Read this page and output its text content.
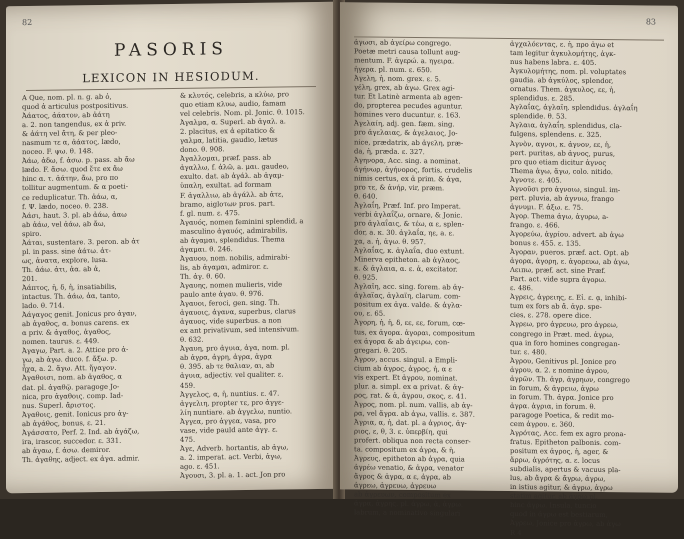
82
PASORIS
LEXICON IN HESIODUM.
A Que, nom. pl. n. g. ab ὁ,
quod ἀ articulus postpositivus.
Ἀάατος, ἀάατον, ab ἀάτη
a. 2. non tangendus, ex ἀ priv.
& ἀάτη vel ἄτη, & per pleo-
nasmum τε α, ἀάατος, lædo,
noceo. F. ψω. θ. 148.
Ἀάω, ἀδω, f. ἀσω. p. pass. ab ἄω
lædo. F. ἄσω. quod ἔτε ex ἄω
hinc α. τ. ἀάτην, ἄω, pro πο
tollitur augmentum. & α poeti-
ce reduplicatur. Th. ἀάω, α,
f. Ψ. lædo, noceo. θ. 238.
Ἀάσι, haut. 3. pl. ab ἀάω, ἀαω
ab ἀάω, vel ἀάω, ab ἄω,
spiro.
Ἀάται, sustentare. 3. peron. ab ἀτ
pl. in pass. sine ἀάτω. ἀτ-
ως, ἀνατα, explore, lusa.
Th. ἀάω. ἀτι, ἀα. ab ἀ,
201.
Ἀάπτος, ἡ, δ, ἡ, insatiabilis,
intactus. Th. ἀάω, ἀα, tanto,
lado. θ. 714.
Ἀάγαγος genit. Jonicus pro ἀγαν,
ab ἀγαθος, α. bonus carens. ex
α priv. & ἀγαθος, ἀγαθος,
nomen. taurus. ε. 449.
Ἀγαγω, Part. a. 2. Attice pro ἀ-
γω, ab ἀγω. duco. f. ἄξω. p.
ἦχα, a. 2. ἄγω. Att. ἤγαγον.
Ἀγαθοισι, nom. ab ἀγαθος, α
dat. pl. ἀγαθῷ. paragoge Jo-
nica, pro ἀγαθοις. comp. Iad-
nus. Superl. ἄριστος.
Ἀγαθοις, genit. Ionicus pro ἀγ-
ab ἀγάθος, bonus, ε. 21.
Ἀγάσσατο, Perf. 2. Ind. ab ἀγάζω,
ira, irascor, succedor. ε. 331.
ab ἀγαω, f. ἀσω. demiror.
Th. ἀγαθης, adject. ex ἀγα. admir.
& κλυτός, celebris, a κλύω, pro
quo etiam κλυω, audio, famam
vel celebris. Nom. pl. Jonic. θ. 1015.
Ἀγαλμα, α. Superl. ab ἀγαλ. a.
2. placitus, ex ἀ epitatico &
γαλμα, latitia, gaudio, lætus
dono. θ. 908.
Ἀγαλλομαι, præf. pass. ab
ἀγαλλω, f. ἀλῶ, a. μαι. gaudeo,
exulto. dat. ab ἀγάλ. ab ἀγαμ-
ὑπαλη, exultat. ad formam
F. ἀγαλλιω, ab ἀγάλλ. ab ἀτε,
bramo, aigloτων pros. part.
f. gl. num. ε. 475.
Ἀγαυός, nomen feminini splendid, a
masculino ἀγαυός, admirabilis,
ab ἀγαμαι, splendidus. Thema
ἀγαμαι. θ. 246.
Ἀγαυου, nom. nobilis, admirabi-
lis, ab ἀγαμαι, admiror. ε.
Th. ἀγ. θ. 60.
Ἀγαυης, nomen mulieris, vide
paulo ante ἀγαυ. θ. 976.
Ἀγαυοι, feroci, gen. sing. Th.
ἀγαυοις, ἀγανα, superbus, clarus
ἀγαυος, vide superbus. a non
ex ant privativum, sed intensivum.
θ. 632.
Ἀγαυη, pro ἀγυια, ἀγα, nom. pl.
ab ἀγρα, ἀγρη, ἀγρα, ἀγρα
θ. 395. ab τε θαλιαν, αι, ab
ἀγυια, adjectiv. vel qualiter. ε.
459.
Ἀγγελος, α, ἡ, nuntius. ε. 47.
ἀγγελιη, propter τε, pro ἀγγε-
λίη nuntiare. ab ἀγγελω, nuntio.
Ἀγγεα, pro ἀγγεα, vasa, pro
vase, vide pauld ante ἀγγ. ε.
475.
Ἀγε, Adverb. hortantis, ab ἀγω,
a. 2. imperat. act. Verbi, ἀγω,
ago. ε. 451.
Ἀγουσι, 3. pl. a. 1. act. Jon pro
83
ἀγωσι, ab ἀγείρω congrego.
Poetæ metri causa tollunt aug-
mentum. F. ἀγερώ. a. ηγειρα.
ἠγερα. pl. num. ε. 650.
Ἀγελη, ἡ, nom. grex. ε. 5.
γέλη, grex, ab ἀγω. Grex agi-
tur. Et Latinè armenta ab agen-
do, propterea pecudes aguntur.
homines vero ducuntur. ε. 163.
Ἀγελαίη, adj. gen. fæm. sing.
pro ἀγελαιας, & ἀγελαιος, Jo-
nice, prædatrix, ab ἀγελη, præ-
da, ἡ, præda. ε. 327.
Ἀγηνορα, Acc. sing. a nominat.
ἀγήνωρ, ἀγήνορος, fortis, crudelis
nimis certus, ex ἀ prim. & ἀγα,
pro τε, & ἀνήρ, vir, præm.
θ. 640.
Ἀγλαΐη, Præf. Inf. pro Imperat.
verbi ἀγλαΐζω, ornare, & Jonic.
pro ἀγλαΐαις, & τέω, α ε, splen-
dor, a. κ. 30. ἀγλαΐα, ηε, a. ε.
χα, a. ἡ, ἀγω. θ. 957.
Ἀγλαΐας, κ. ἀγλαΐα, duo extunt.
Minerva epitheton. ab ἀγλαος,
κ. & ἀγλαια, α. ε. ἀ, excitator.
θ. 925.
Ἀγλαϊη, acc. sing. forem. ab ἀγ-
ἀγλαϊας, ἀγλαϊη, clarum. com-
positum ex ἀγα. valde. & ἀγλα-
ου, ε. 65.
Ἀγορη, ἡ, ἡ, δ, εε, εε, forum, cœ-
tus, ex ἀγορα. ἀγοραι, compositum
ex ἀγορα & ab ἀγειρω, con-
gregari. θ. 205.
Ἀγρον, accus. singul. a Empli-
cium ab ἀγρος, ἀγρος, ἡ, α ε
vis expert. Et ἀγρου, nominat.
plur. a. simpl. ex α privat. & ἀγ-
ρος, rat. & ἀ, ἀγρου, σκος, ε. 41.
Ἀγρος, nom. pl. num. vallis, ab ἀγ-
ρα, vel ἄγρα. ab ἀγω, vallis. ε. 387.
Ἀγρια, α, ἡ, dat. pl. a ἀγριος, ἀγ-
ριος, ε, θ, 3. ε. ὑπερβίη, qui
profert. obliqua non recta conser-
ta. compositum ex ἀγρα, & ἡ,
Ἀγρευς, epitheton ab ἀγρα, quia
ἀγρέω venatio, & ἀγρα, venator
ἄγρος & ἀγρα, α ε, ἀγρα, ab
ἀγρεω, ἀγρευω, ἀγρευω
ab ἀγρευων, compositum ex
ἀγρα, ἀγρης. pl. ἀγρω, ἀ, ἀγρω.
labrum, a nominativo singulari
ἀγχαλόεντας, ε. ἡ, προ ἀγω et
tam legitur ἀγκυλομήτης, ἀγκ-
nus habens labra. ε. 405.
Ἀγκυλομήτης, nom. pl. voluptates
gaudia. ab ἀγκύλος, splendor,
ornatus. Them. ἀγκυλος, εε, ἡ,
splendidus. ε. 285.
Ἀγλαΐας, ἀγλαϊη. splendidus. ἀγλαΐη
splendide. θ. 53.
Ἀγλαια, ἀγλαΐη. splendidus, cla-
fulgens, splendens. ε. 325.
Ἀγνὸν, αγνοι, κ. ἀγνον, εε, ἡ,
pert. puritas, ab ἀγνος, purus,
pro quo etiam dicitur ἀγνος
Thema ἀγω, ἄγω, colo. nitido.
Ἀγνοτε. ε. 405.
Ἀγνοῦσι pro ἀγνοιω, singul. im-
pert. pluvia, ab ἀγνυω, frango
ἀγνυμι. F. ἀξω. ε. 75.
Ἀγορ. Thema ἀγω, ἀγυρω, a-
frango. ε. 466.
Ἀγορεύω, ἀγρίου. advert. ab ἀγω
bonus ε. 455. ε. 135.
Ἀγοραν, pueros. præf. act. Opt. ab
ἀγορα, ἀγορη, ε. ἀγορευω, ab ἀγω,
Λειπω, præf. act. sine Præf.
Part. act. vide supra ἀγορω.
ε. 486.
Ἀγρεις, ἀγρειης, ε. Εἰ. ε. ᾳ, inhibi-
tum ex fors ab ἄ. ἀγρ. spe-
cies, ε. 278. opere dice.
Ἀγρεω, pro ἀγρευω, pro ἀγρεω,
congrego in Præt. med. ἀγρω,
qua in foro homines congregan-
tur. ε. 480.
Ἀγρου, Genitivus pl. Jonice pro
ἀγρου, α. 2. ε nomine ἀγρου,
ἀγρῶν. Th. ἀγρ, ἀγρηων, congrego
in forum, & ἀγρειω, ἀγρω
in forum. Th. ἀγρα. Jonice pro
ἀγρα. ἀγρια, in forum. θ.
paragoge Poetica, & redit mo-
cem ἀγρου. ε. 360.
Ἀγρότας, Acc. fem ex agro prona-
fratus. Epitheton palbonis. com-
positum ex ἀγρος, ἡ, ager, &
ἄρρω, ἀγρότης, α. ε. locus
subdialis, apertus & vacuus pla-
lus, ab ἄγρα & ἄγρω, ἀγρω,
in istius agitur, & ἀγρω, ἀγρω
statim agitur, ab ἀγρω pl.
hinc ἀγρω. Insula, tuncio
quod in ἀγρω est bestiarum,
Ἀγρεω, Jonice pro ἀγρω, ab ἀγω
R 4
